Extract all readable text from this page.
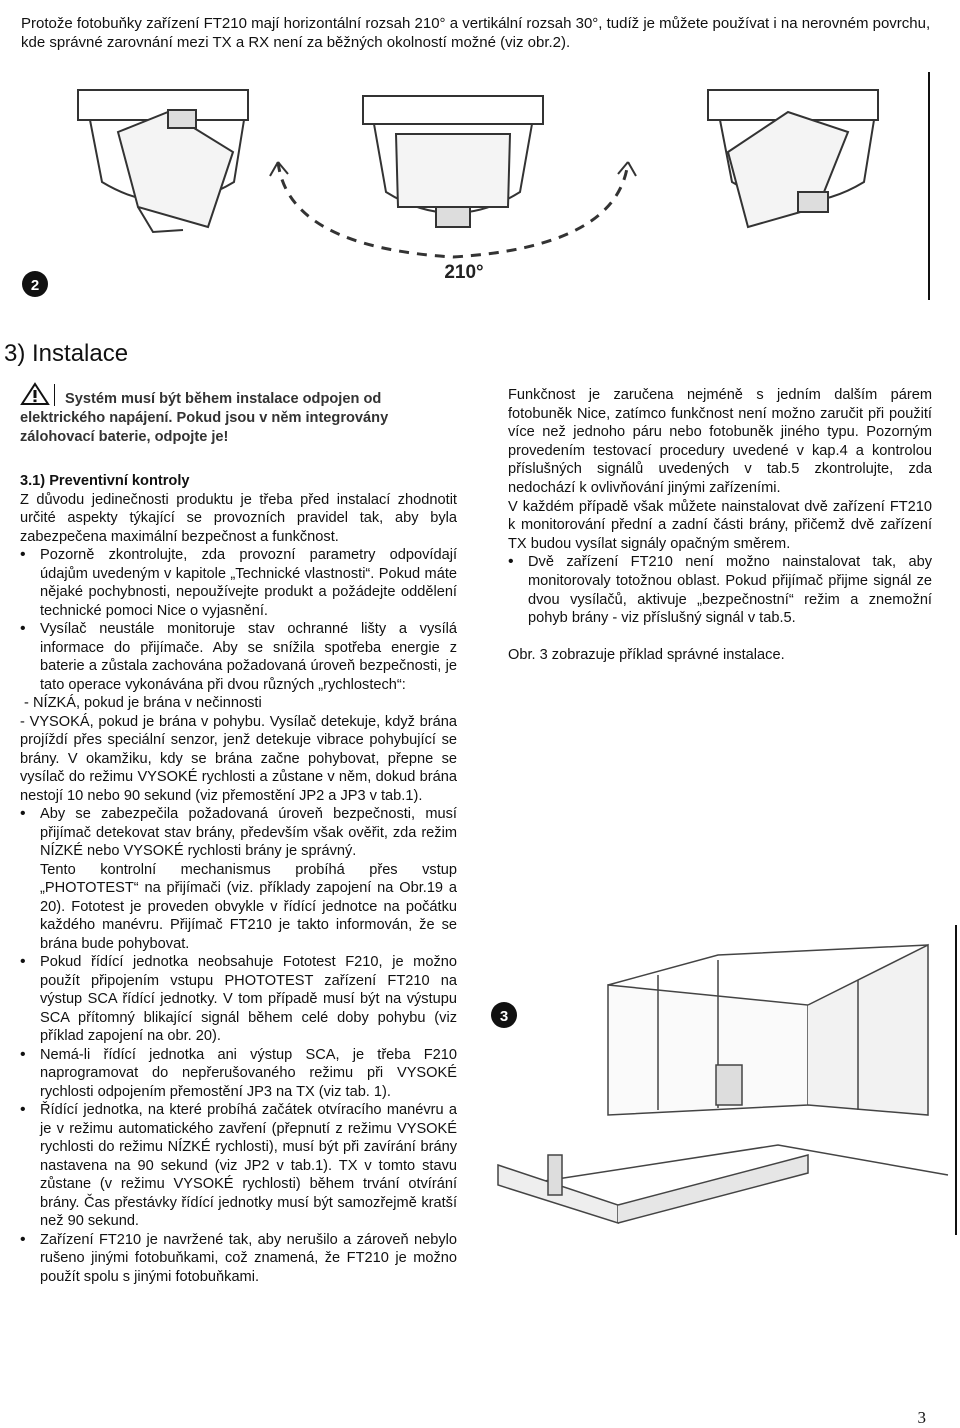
Protože fotobuňky zařízení FT210 mají horizontální rozsah 210° a vertikální rozsah 30°, tudíž je můžete používat i na nerovném povrchu, kde správné zarovnání mezi TX a RX není za běžných okolností možné (viz obr.2).

210°
2
3) Instalace
Systém musí být během instalace odpojen od elektrického napájení. Pokud jsou v něm integrovány zálohovací baterie, odpojte je!

3.1) Preventivní kontroly

Z důvodu jedinečnosti produktu je třeba před instalací zhodnotit určité aspekty týkající se provozních pravidel tak, aby byla zabezpečena maximální bezpečnost a funkčnost.

• Pozorně zkontrolujte, zda provozní parametry odpovídají údajům uvedeným v kapitole „Technické vlastnosti“. Pokud máte nějaké pochybnosti, nepoužívejte produkt a požádejte oddělení technické pomoci Nice o vyjasnění.
• Vysílač neustále monitoruje stav ochranné lišty a vysílá informace do přijímače. Aby se snížila spotřeba energie z baterie a zůstala zachována požadovaná úroveň bezpečnosti, je tato operace vykonávána při dvou různých „rychlostech“:

- NÍZKÁ, pokud je brána v nečinnosti

- VYSOKÁ, pokud je brána v pohybu. Vysílač detekuje, když brána projíždí přes speciální senzor, jenž detekuje vibrace pohybující se brány. V okamžiku, kdy se brána začne pohybovat, přepne se vysílač do režimu VYSOKÉ rychlosti a zůstane v něm, dokud brána nestojí 10 nebo 90 sekund (viz přemostění JP2 a JP3 v tab.1).

• Aby se zabezpečila požadovaná úroveň bezpečnosti, musí přijímač detekovat stav brány, především však ověřit, zda režim NÍZKÉ nebo VYSOKÉ rychlosti brány je správný.

Tento kontrolní mechanismus probíhá přes vstup „PHOTOTEST“ na přijímači (viz. příklady zapojení na Obr.19 a 20). Fototest je proveden obvykle v řídící jednotce na počátku každého manévru. Přijímač FT210 je takto informován, že se brána bude pohybovat.

• Pokud řídící jednotka neobsahuje Fototest F210, je možno použít připojením vstupu PHOTOTEST zařízení FT210 na výstup SCA řídící jednotky. V tom případě musí být na výstupu SCA přítomný blikající signál během celé doby pohybu (viz příklad zapojení na obr. 20).
• Nemá-li řídící jednotka ani výstup SCA, je třeba F210 naprogramovat do nepřerušovaného režimu při VYSOKÉ rychlosti odpojením přemostění JP3 na TX (viz tab. 1).
• Řídící jednotka, na které probíhá začátek otvíracího manévru a je v režimu automatického zavření (přepnutí z režimu VYSOKÉ rychlosti do režimu NÍZKÉ rychlosti), musí být při zavírání brány nastavena na 90 sekund (viz JP2 v tab.1). TX v tomto stavu zůstane (v režimu VYSOKÉ rychlosti) během trvání otvírání brány. Čas přestávky řídící jednotky musí být samozřejmě kratší než 90 sekund.
• Zařízení FT210 je navržené tak, aby nerušilo a zároveň nebylo rušeno jinými fotobuňkami, což znamená, že FT210 je možno použít spolu s jinými fotobuňkami.

Funkčnost je zaručena nejméně s jedním dalším párem fotobuněk Nice, zatímco funkčnost není možno zaručit při použití více než jednoho páru nebo fotobuněk jiného typu. Pozorným provedením testovací procedury uvedené v kap.4 a kontrolou příslušných signálů uvedených v tab.5 zkontrolujte, zda nedochází k ovlivňování jinými zařízeními.

V každém případě však můžete nainstalovat dvě zařízení FT210 k monitorování přední a zadní části brány, přičemž dvě zařízení TX budou vysílat signály opačným směrem.

• Dvě zařízení FT210 není možno nainstalovat tak, aby monitorovaly totožnou oblast. Pokud přijímač přijme signál ze dvou vysílačů, aktivuje „bezpečnostní“ režim a znemožní pohyb brány - viz příslušný signál v tab.5.

Obr. 3 zobrazuje příklad správné instalace.

3
3
